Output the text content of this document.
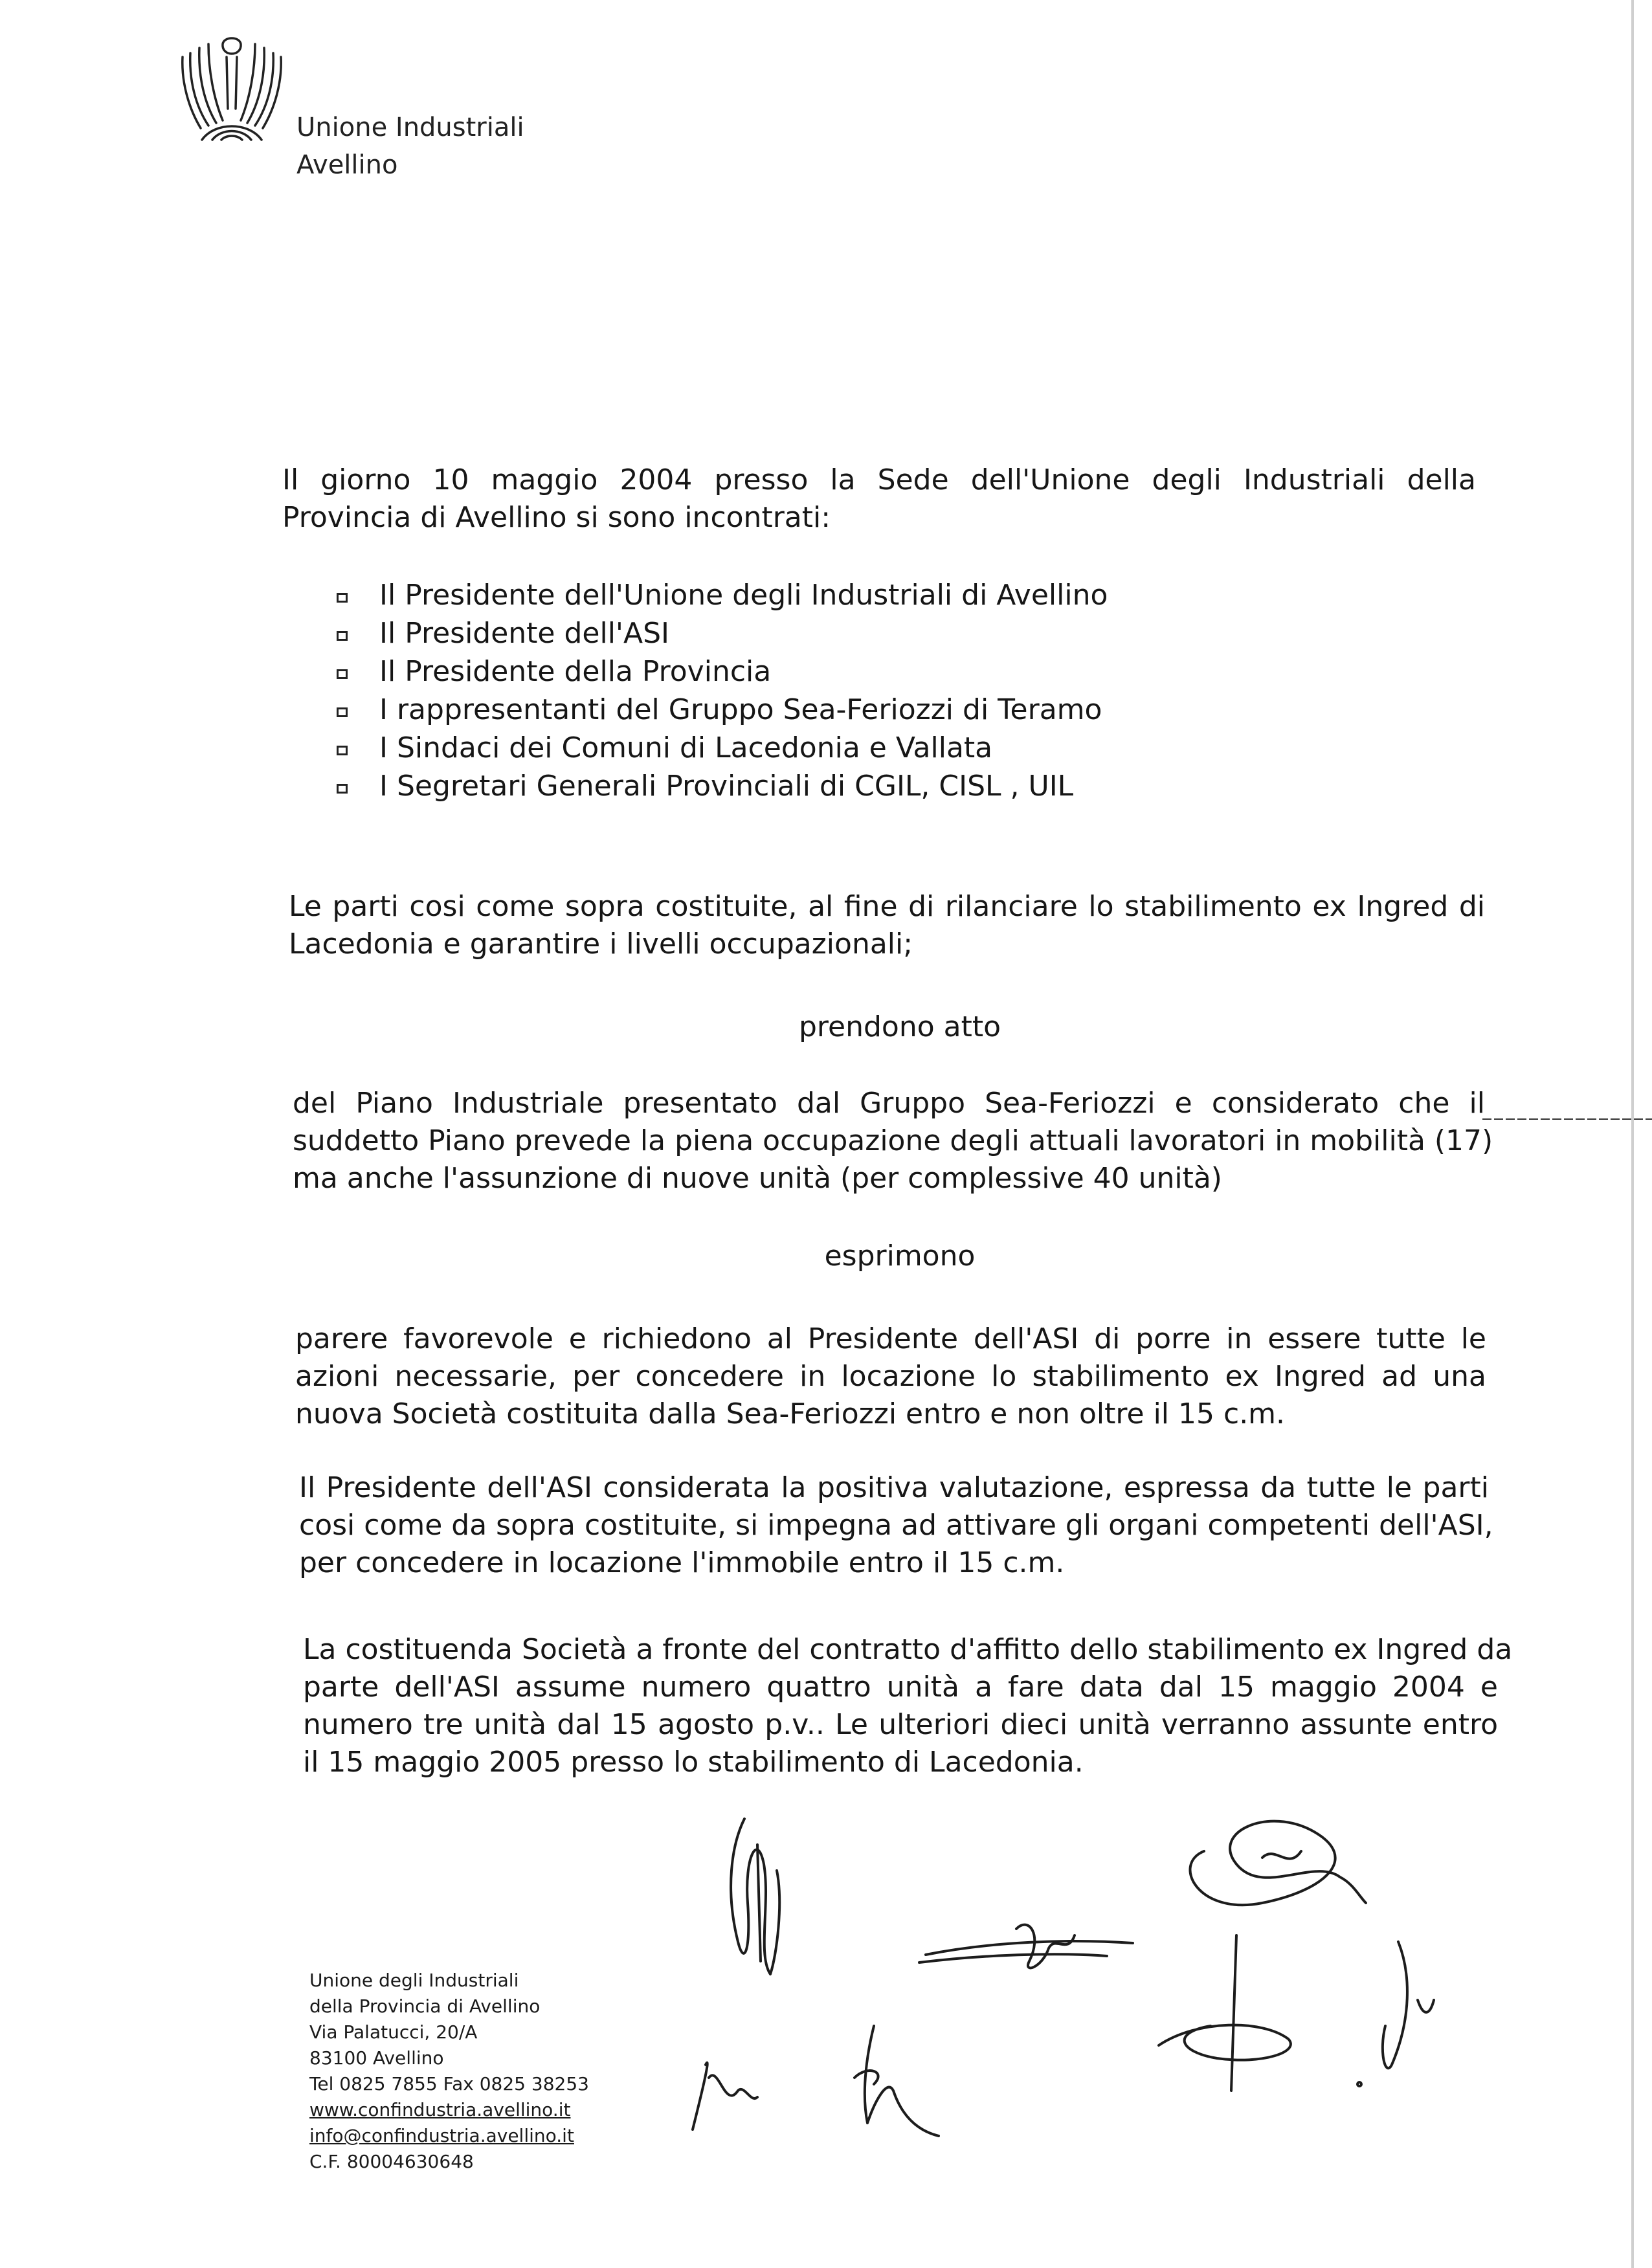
Unione Industriali
Avellino
Il giorno 10 maggio 2004 presso la Sede dell'Unione degli Industriali della
Provincia di Avellino si sono incontrati:
Il Presidente dell'Unione degli Industriali di Avellino
Il Presidente dell'ASI
Il Presidente della Provincia
I rappresentanti del Gruppo Sea-Feriozzi di Teramo
I Sindaci dei Comuni di Lacedonia e Vallata
I Segretari Generali Provinciali di CGIL, CISL , UIL
Le parti cosi come sopra costituite, al fine di rilanciare lo stabilimento ex Ingred di
Lacedonia e garantire i livelli occupazionali;
prendono atto
del Piano Industriale presentato dal Gruppo Sea-Feriozzi e considerato che il
suddetto Piano prevede la piena occupazione degli attuali lavoratori in mobilità (17)
ma anche l'assunzione di nuove unità (per complessive 40 unità)
esprimono
parere favorevole e richiedono al Presidente dell'ASI di porre in essere tutte le
azioni necessarie, per concedere in locazione lo stabilimento ex Ingred ad una
nuova Società costituita dalla Sea-Feriozzi entro e non oltre il 15 c.m.
Il Presidente dell'ASI considerata la positiva valutazione, espressa da tutte le parti
cosi come da sopra costituite, si impegna ad attivare gli organi competenti dell'ASI,
per concedere in locazione l'immobile entro il 15 c.m.
La costituenda Società a fronte del contratto d'affitto dello stabilimento ex Ingred da
parte dell'ASI assume numero quattro unità a fare data dal 15 maggio 2004 e
numero tre unità dal 15 agosto p.v.. Le ulteriori dieci unità verranno assunte entro
il 15 maggio 2005 presso lo stabilimento di Lacedonia.
Unione degli Industriali
della Provincia di Avellino
Via Palatucci, 20/A
83100 Avellino
Tel 0825 7855 Fax 0825 38253
www.confindustria.avellino.it
info@confindustria.avellino.it
C.F. 80004630648
